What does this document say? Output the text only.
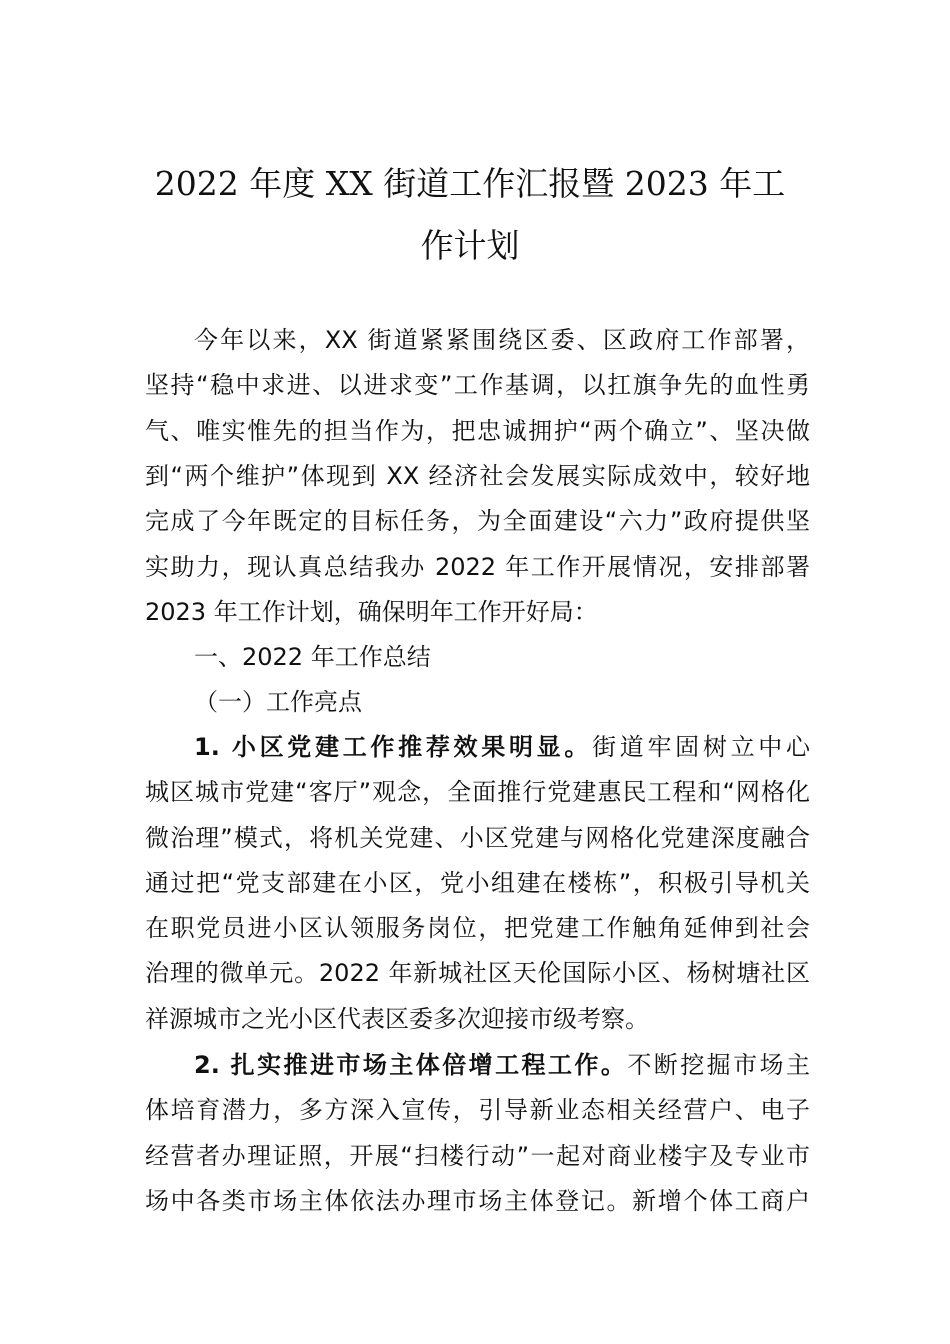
2022 年度 XX 街道工作汇报暨 2023 年工
作计划
今年以来，XX 街道紧紧围绕区委、区政府工作部署，
坚持“稳中求进、以进求变”工作基调，以扛旗争先的血性勇
气、唯实惟先的担当作为，把忠诚拥护“两个确立”、坚决做
到“两个维护”体现到 XX 经济社会发展实际成效中，较好地
完成了今年既定的目标任务，为全面建设“六力”政府提供坚
实助力，现认真总结我办 2022 年工作开展情况，安排部署
2023 年工作计划，确保明年工作开好局：
一、2022 年工作总结
（一）工作亮点
1. 小区党建工作推荐效果明显。街道牢固树立中心
城区城市党建“客厅”观念，全面推行党建惠民工程和“网格化
微治理”模式，将机关党建、小区党建与网格化党建深度融合
通过把“党支部建在小区，党小组建在楼栋”，积极引导机关
在职党员进小区认领服务岗位，把党建工作触角延伸到社会
治理的微单元。2022 年新城社区天伦国际小区、杨树塘社区
祥源城市之光小区代表区委多次迎接市级考察。
2. 扎实推进市场主体倍增工程工作。不断挖掘市场主
体培育潜力，多方深入宣传，引导新业态相关经营户、电子
经营者办理证照，开展“扫楼行动”一起对商业楼宇及专业市
场中各类市场主体依法办理市场主体登记。新增个体工商户
